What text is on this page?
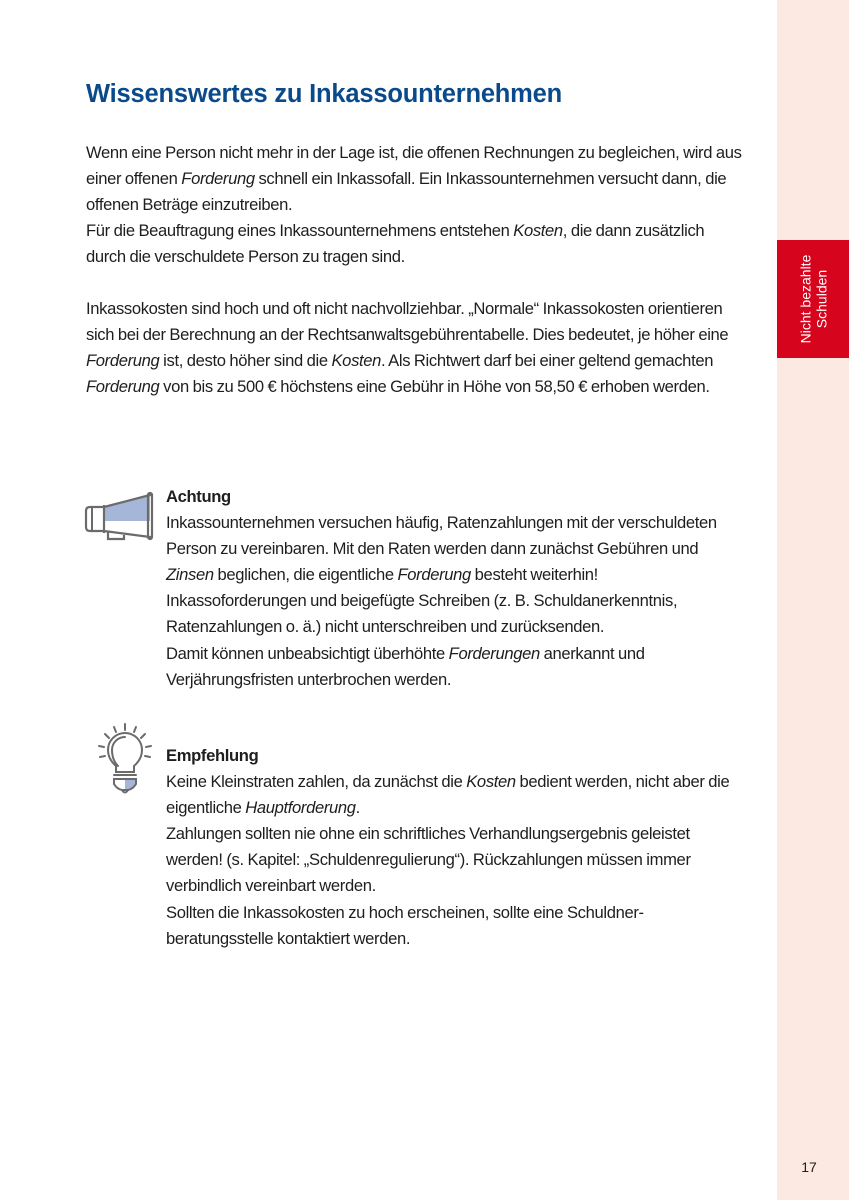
Wissenswertes zu Inkassounternehmen

Wenn eine Person nicht mehr in der Lage ist, die offenen Rechnungen zu begleichen, wird aus einer offenen Forderung schnell ein Inkassofall. Ein Inkassounternehmen versucht dann, die offenen Beträge einzutreiben.

Für die Beauftragung eines Inkassounternehmens entstehen Kosten, die dann zusätzlich durch die verschuldete Person zu tragen sind.

Inkassokosten sind hoch und oft nicht nachvollziehbar. „Normale“ Inkassokosten orientieren sich bei der Berechnung an der Rechtsanwaltsgebührentabelle. Dies bedeutet, je höher eine Forderung ist, desto höher sind die Kosten. Als Richtwert darf bei einer geltend gemachten Forderung von bis zu 500 € höchstens eine Gebühr in Höhe von 58,50 € erhoben werden.

Achtung

Inkassounternehmen versuchen häufig, Ratenzahlungen mit der verschuldeten Person zu vereinbaren. Mit den Raten werden dann zunächst Gebühren und Zinsen beglichen, die eigentliche Forderung besteht weiterhin!

Inkassoforderungen und beigefügte Schreiben (z. B. Schuldanerkenntnis, Ratenzahlungen o. ä.) nicht unterschreiben und zurücksenden.

Damit können unbeabsichtigt überhöhte Forderungen anerkannt und Verjährungsfristen unterbrochen werden.

Empfehlung

Keine Kleinstraten zahlen, da zunächst die Kosten bedient werden, nicht aber die eigentliche Hauptforderung.

Zahlungen sollten nie ohne ein schriftliches Verhandlungsergebnis geleistet werden! (s. Kapitel: „Schuldenregulierung“). Rückzahlungen müssen immer verbindlich vereinbart werden.

Sollten die Inkassokosten zu hoch erscheinen, sollte eine Schuldner-beratungsstelle kontaktiert werden.

Nicht bezahlte Schulden
17
